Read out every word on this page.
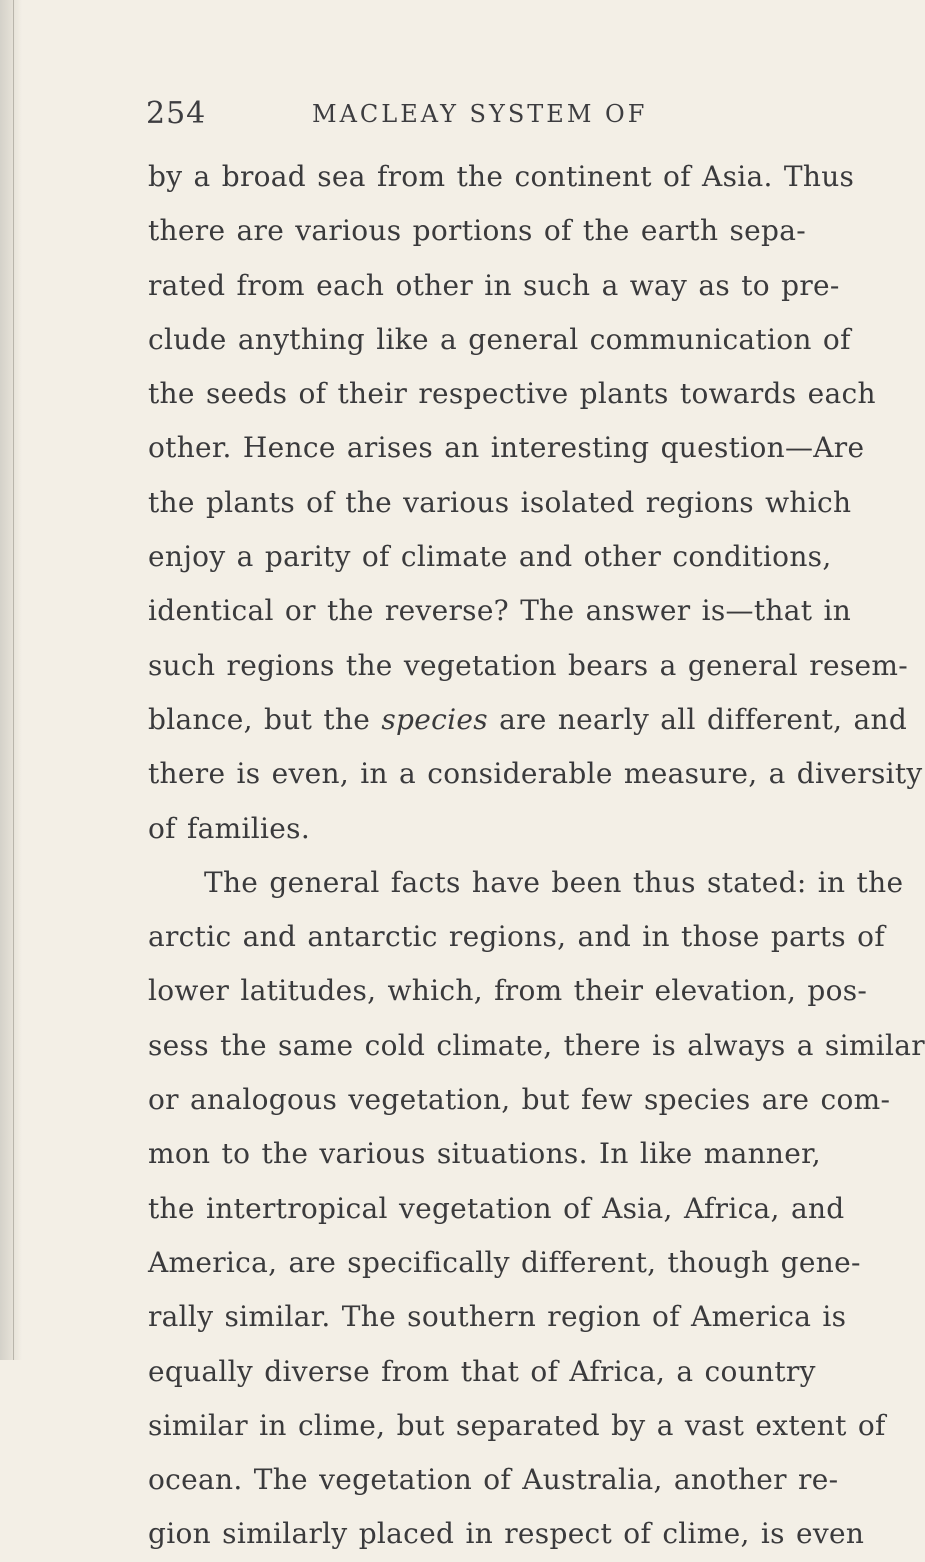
254	MACLEAY SYSTEM OF
by a broad sea from the continent of Asia. Thus
there are various portions of the earth sepa-
rated from each other in such a way as to pre-
clude anything like a general communication of
the seeds of their respective plants towards each
other. Hence arises an interesting question—Are
the plants of the various isolated regions which
enjoy a parity of climate and other conditions,
identical or the reverse? The answer is—that in
such regions the vegetation bears a general resem-
blance, but the species are nearly all different, and
there is even, in a considerable measure, a diversity
of families.
The general facts have been thus stated: in the
arctic and antarctic regions, and in those parts of
lower latitudes, which, from their elevation, pos-
sess the same cold climate, there is always a similar
or analogous vegetation, but few species are com-
mon to the various situations. In like manner,
the intertropical vegetation of Asia, Africa, and
America, are specifically different, though gene-
rally similar. The southern region of America is
equally diverse from that of Africa, a country
similar in clime, but separated by a vast extent of
ocean. The vegetation of Australia, another re-
gion similarly placed in respect of clime, is even
